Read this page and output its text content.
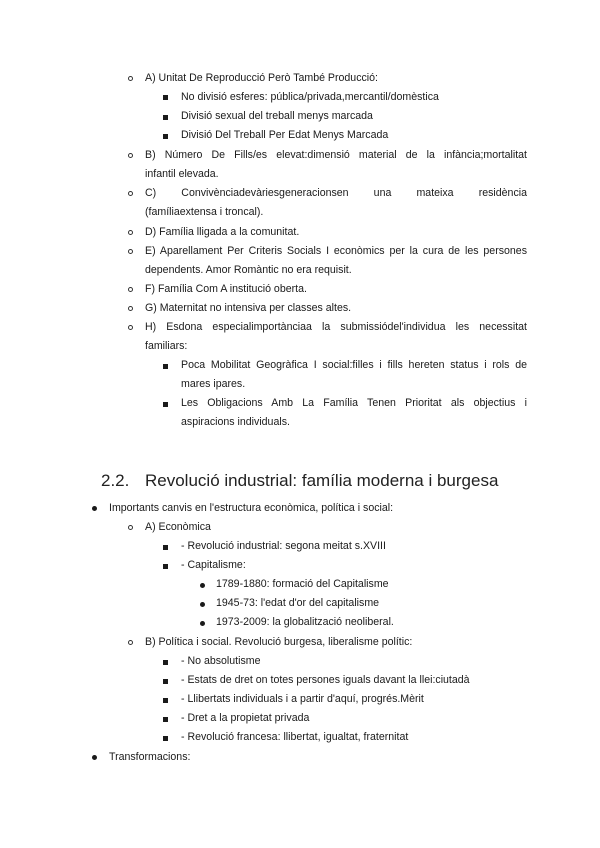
A) Unitat De Reproducció Però També Producció:
No divisió esferes: pública/privada,mercantil/domèstica
Divisió sexual del treball menys marcada
Divisió Del Treball Per Edat Menys Marcada
B) Número De Fills/es elevat:dimensió material de la infància;mortalitat
infantil elevada.
C) Convivènciadevàriesgeneracionsen una mateixa residència
(famíliaextensa i troncal).
D) Família lligada a la comunitat.
E) Aparellament Per Criteris Socials I econòmics per la cura de les persones
dependents. Amor Romàntic no era requisit.
F) Família Com A institució oberta.
G) Maternitat no intensiva per classes altes.
H) Esdona especialimportànciaa la submissiódel'individua les necessitat
familiars:
Poca Mobilitat Geogràfica I social:filles i fills hereten status i rols de
mares ipares.
Les Obligacions Amb La Família Tenen Prioritat als objectius i
aspiracions individuals.
2.2. Revolució industrial: família moderna i burgesa
Importants canvis en l'estructura econòmica, política i social:
A) Econòmica
- Revolució industrial: segona meitat s.XVIII
- Capitalisme:
1789-1880: formació del Capitalisme
1945-73: l'edat d'or del capitalisme
1973-2009: la globalització neoliberal.
B) Política i social. Revolució burgesa, liberalisme polític:
- No absolutisme
- Estats de dret on totes persones iguals davant la llei:ciutadà
- Llibertats individuals i a partir d'aquí, progrés.Mèrit
- Dret a la propietat privada
- Revolució francesa: llibertat, igualtat, fraternitat
Transformacions:
